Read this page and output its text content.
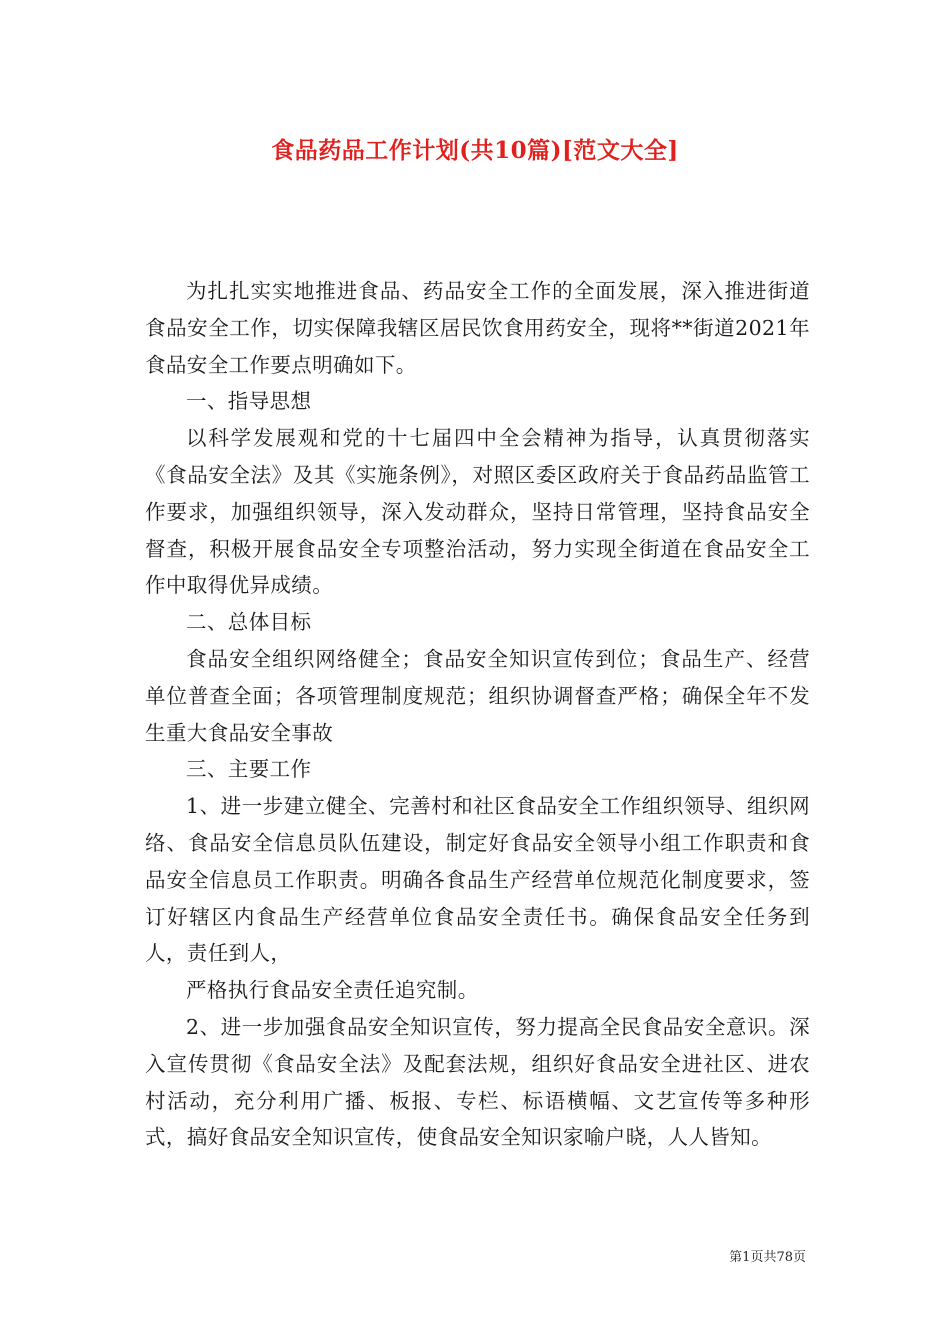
食品药品工作计划(共10篇)[范文大全]

为扎扎实实地推进食品、药品安全工作的全面发展，深入推进街道食品安全工作，切实保障我辖区居民饮食用药安全，现将**街道2021年食品安全工作要点明确如下。

一、指导思想

以科学发展观和党的十七届四中全会精神为指导，认真贯彻落实《食品安全法》及其《实施条例》，对照区委区政府关于食品药品监管工作要求，加强组织领导，深入发动群众，坚持日常管理，坚持食品安全督查，积极开展食品安全专项整治活动，努力实现全街道在食品安全工作中取得优异成绩。

二、总体目标

食品安全组织网络健全；食品安全知识宣传到位；食品生产、经营单位普查全面；各项管理制度规范；组织协调督查严格；确保全年不发生重大食品安全事故

三、主要工作

1、进一步建立健全、完善村和社区食品安全工作组织领导、组织网络、食品安全信息员队伍建设，制定好食品安全领导小组工作职责和食品安全信息员工作职责。明确各食品生产经营单位规范化制度要求，签订好辖区内食品生产经营单位食品安全责任书。确保食品安全任务到人，责任到人，

严格执行食品安全责任追究制。

2、进一步加强食品安全知识宣传，努力提高全民食品安全意识。深入宣传贯彻《食品安全法》及配套法规，组织好食品安全进社区、进农村活动，充分利用广播、板报、专栏、标语横幅、文艺宣传等多种形式，搞好食品安全知识宣传，使食品安全知识家喻户晓，人人皆知。

第1页共78页
